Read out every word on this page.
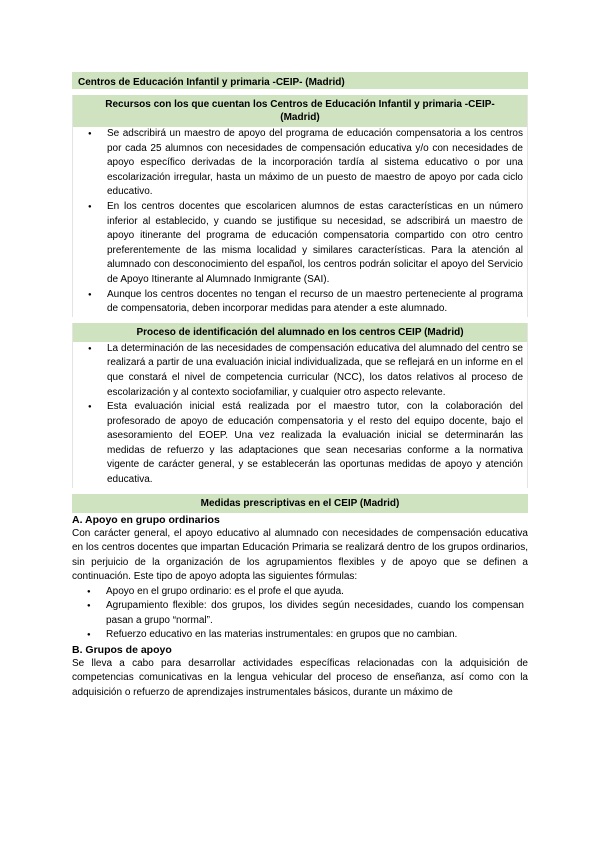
Centros de Educación Infantil y primaria -CEIP- (Madrid)
Recursos con los que cuentan los Centros de Educación Infantil y primaria -CEIP- (Madrid)
● Se adscribirá un maestro de apoyo del programa de educación compensatoria a los centros por cada 25 alumnos con necesidades de compensación educativa y/o con necesidades de apoyo específico derivadas de la incorporación tardía al sistema educativo o por una escolarización irregular, hasta un máximo de un puesto de maestro de apoyo por cada ciclo educativo.
● En los centros docentes que escolaricen alumnos de estas características en un número inferior al establecido, y cuando se justifique su necesidad, se adscribirá un maestro de apoyo itinerante del programa de educación compensatoria compartido con otro centro preferentemente de las misma localidad y similares características. Para la atención al alumnado con desconocimiento del español, los centros podrán solicitar el apoyo del Servicio de Apoyo Itinerante al Alumnado Inmigrante (SAI).
● Aunque los centros docentes no tengan el recurso de un maestro perteneciente al programa de compensatoria, deben incorporar medidas para atender a este alumnado.
Proceso de identificación del alumnado en los centros CEIP (Madrid)
● La determinación de las necesidades de compensación educativa del alumnado del centro se realizará a partir de una evaluación inicial individualizada, que se reflejará en un informe en el que constará el nivel de competencia curricular (NCC), los datos relativos al proceso de escolarización y al contexto sociofamiliar, y cualquier otro aspecto relevante.
● Esta evaluación inicial está realizada por el maestro tutor, con la colaboración del profesorado de apoyo de educación compensatoria y el resto del equipo docente, bajo el asesoramiento del EOEP. Una vez realizada la evaluación inicial se determinarán las medidas de refuerzo y las adaptaciones que sean necesarias conforme a la normativa vigente de carácter general, y se establecerán las oportunas medidas de apoyo y atención educativa.
Medidas prescriptivas en el CEIP (Madrid)

A. Apoyo en grupo ordinarios

Con carácter general, el apoyo educativo al alumnado con necesidades de compensación educativa en los centros docentes que impartan Educación Primaria se realizará dentro de los grupos ordinarios, sin perjuicio de la organización de los agrupamientos flexibles y de apoyo que se definen a continuación. Este tipo de apoyo adopta las siguientes fórmulas:

● Apoyo en el grupo ordinario: es el profe el que ayuda.
● Agrupamiento flexible: dos grupos, los divides según necesidades, cuando los compensan pasan a grupo “normal”.
● Refuerzo educativo en las materias instrumentales: en grupos que no cambian.

B. Grupos de apoyo

Se lleva a cabo para desarrollar actividades específicas relacionadas con la adquisición de competencias comunicativas en la lengua vehicular del proceso de enseñanza, así como con la adquisición o refuerzo de aprendizajes instrumentales básicos, durante un máximo de
